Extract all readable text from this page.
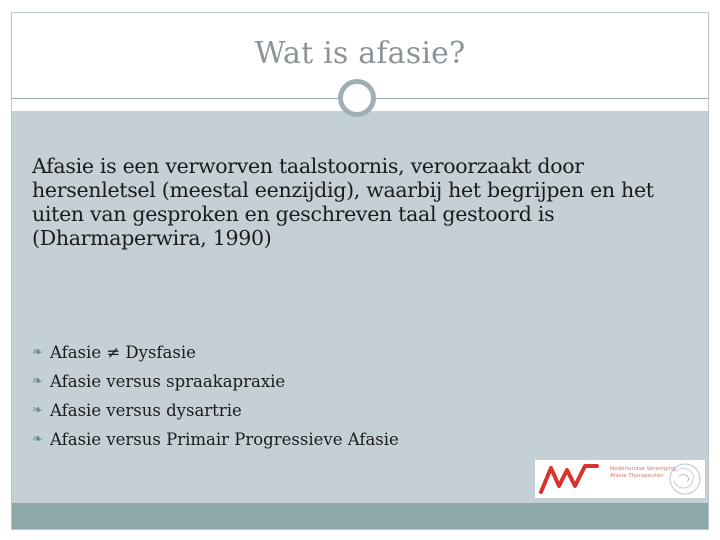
Wat is afasie?
Afasie is een verworven taalstoornis, veroorzaakt door hersenletsel (meestal eenzijdig), waarbij het begrijpen en het uiten van gesproken en geschreven taal gestoord is (Dharmaperwira, 1990)
❧ Afasie ≠ Dysfasie
❧ Afasie versus spraakapraxie
❧ Afasie versus dysartrie
❧ Afasie versus Primair Progressieve Afasie
Nederlandse Vereniging
Afasie Therapeuten
